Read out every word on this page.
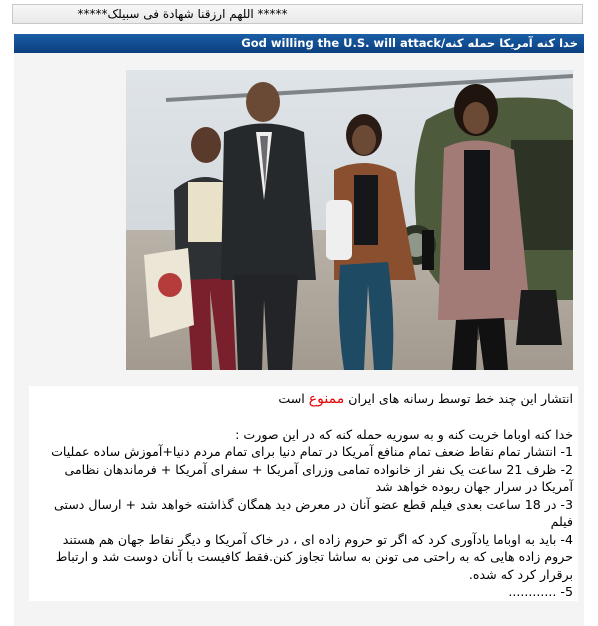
***** اللهم ارزقنا شهادة فی سبیلک*****
خدا کنه آمریکا حمله کنه/God willing the U.S. will attack

انتشار این چند خط توسط رسانه های ایران ممنوع است

خدا کنه اوباما خریت کنه و به سوریه حمله کنه که در این صورت :

1- انتشار تمام نقاط ضعف تمام منافع آمریکا در تمام دنیا برای تمام مردم دنیا+آموزش ساده عملیات

2- ظرف 21 ساعت یک نفر از خانواده تمامی وزرای آمریکا + سفرای آمریکا + فرماندهان نظامی آمریکا در سرار جهان ربوده خواهد شد

3- در 18 ساعت بعدی فیلم قطع عضو آنان در معرض دید همگان گذاشته خواهد شد + ارسال دستی فیلم

4- باید به اوباما یادآوری کرد که اگر تو حروم زاده ای ، در خاک آمریکا و دیگر نقاط جهان هم هستند حروم زاده هایی که به راحتی می تونن به ساشا تجاوز کنن.فقط کافیست با آنان دوست شد و ارتباط برقرار کرد که شده.

5- ............
